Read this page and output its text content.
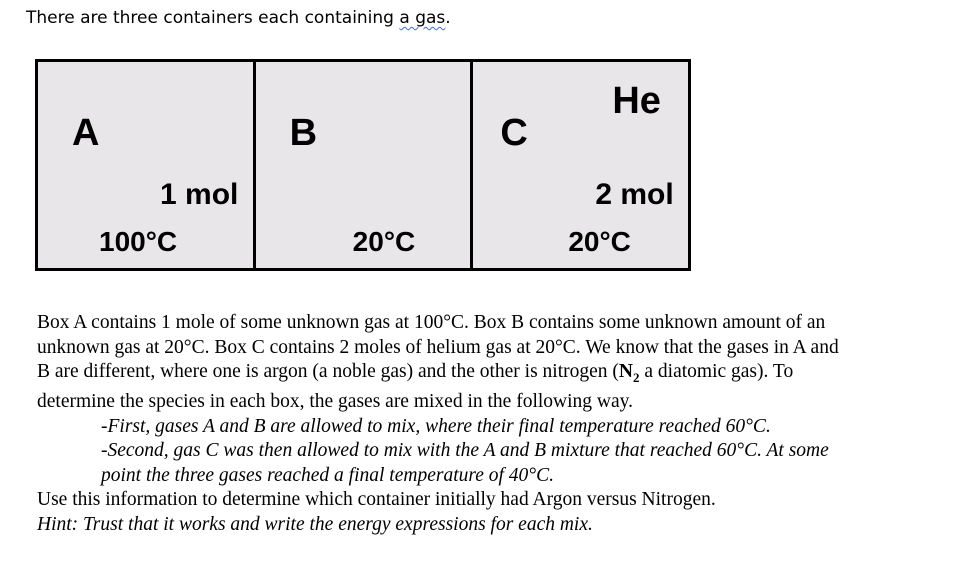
There are three containers each containing a gas.
A
1 mol
100°C
B
20°C
He
C
2 mol
20°C

Box A contains 1 mole of some unknown gas at 100°C. Box B contains some unknown amount of an

unknown gas at 20°C. Box C contains 2 moles of helium gas at 20°C. We know that the gases in A and

B are different, where one is argon (a noble gas) and the other is nitrogen ($N_2$ a diatomic gas). To

determine the species in each box, the gases are mixed in the following way.

-First, gases A and B are allowed to mix, where their final temperature reached 60°C.

-Second, gas C was then allowed to mix with the A and B mixture that reached 60°C. At some

point the three gases reached a final temperature of 40°C.

Use this information to determine which container initially had Argon versus Nitrogen.

Hint: Trust that it works and write the energy expressions for each mix.
